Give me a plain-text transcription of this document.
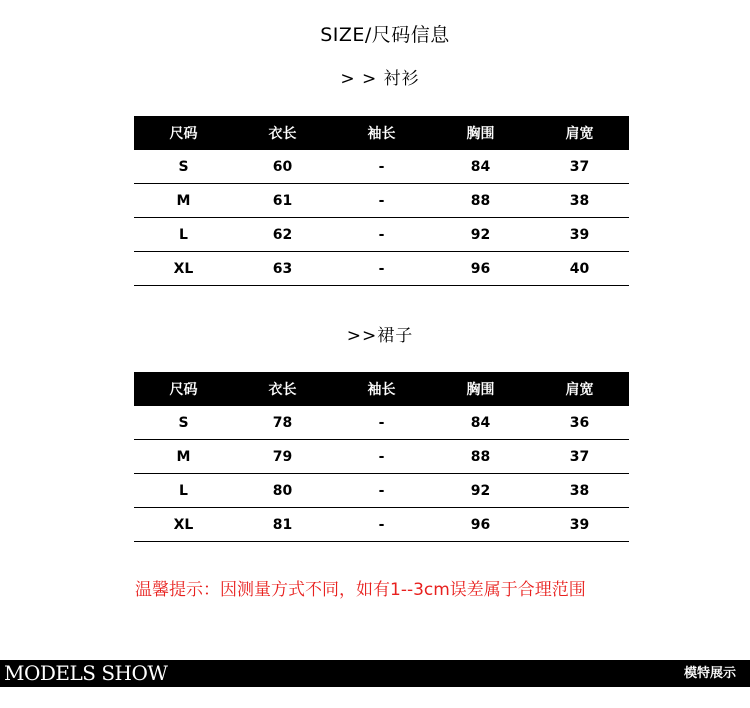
SIZE/尺码信息
> > 衬衫
尺码	衣长	袖长	胸围	肩宽
S	60	-	84	37
M	61	-	88	38
L	62	-	92	39
XL	63	-	96	40
>>裙子
尺码	衣长	袖长	胸围	肩宽
S	78	-	84	36
M	79	-	88	37
L	80	-	92	38
XL	81	-	96	39
温馨提示：因测量方式不同，如有1--3cm误差属于合理范围
MODELS SHOW	模特展示
